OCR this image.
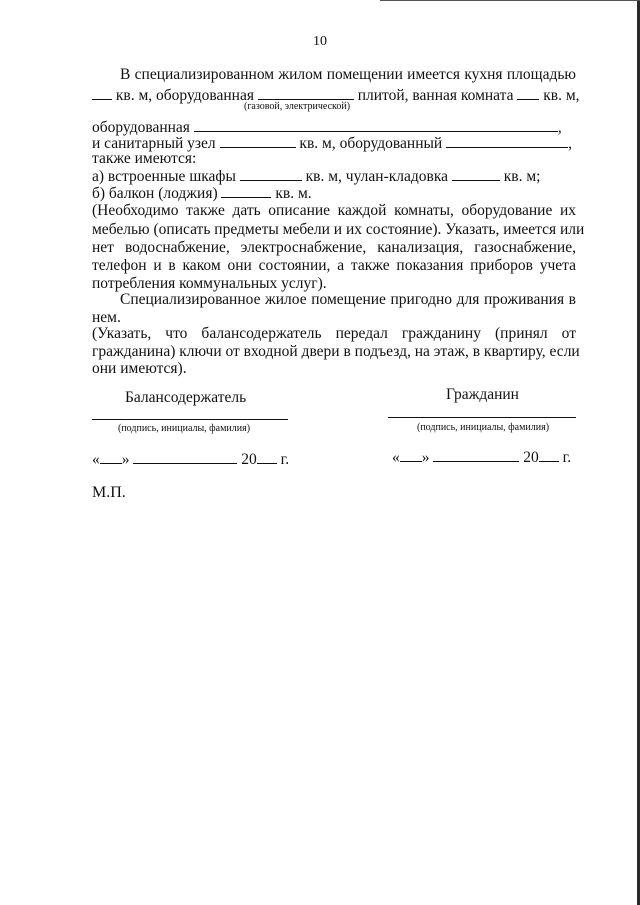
10
В специализированном жилом помещении имеется кухня площадью
кв. м, оборудованная	плитой, ванная комната кв. м,
(газовой, электрической)
оборудованная	,
и санитарный узел	кв. м, оборудованный	,
также имеются:
а) встроенные шкафы	кв. м, чулан-кладовка	кв. м;
б) балкон (лоджия)	кв. м.
(Необходимо также дать описание каждой комнаты, оборудование их
мебелью (описать предметы мебели и их состояние). Указать, имеется или
нет водоснабжение, электроснабжение, канализация, газоснабжение,
телефон и в каком они состоянии, а также показания приборов учета
потребления коммунальных услуг).
Специализированное жилое помещение пригодно для проживания в
нем.
(Указать, что балансодержатель передал гражданину (принял от
гражданина) ключи от входной двери в подъезд, на этаж, в квартиру, если
они имеются).
Балансодержатель
(подпись, инициалы, фамилия)
Гражданин
(подпись, инициалы, фамилия)
« »	20 г.	« »	20 г.
М.П.
